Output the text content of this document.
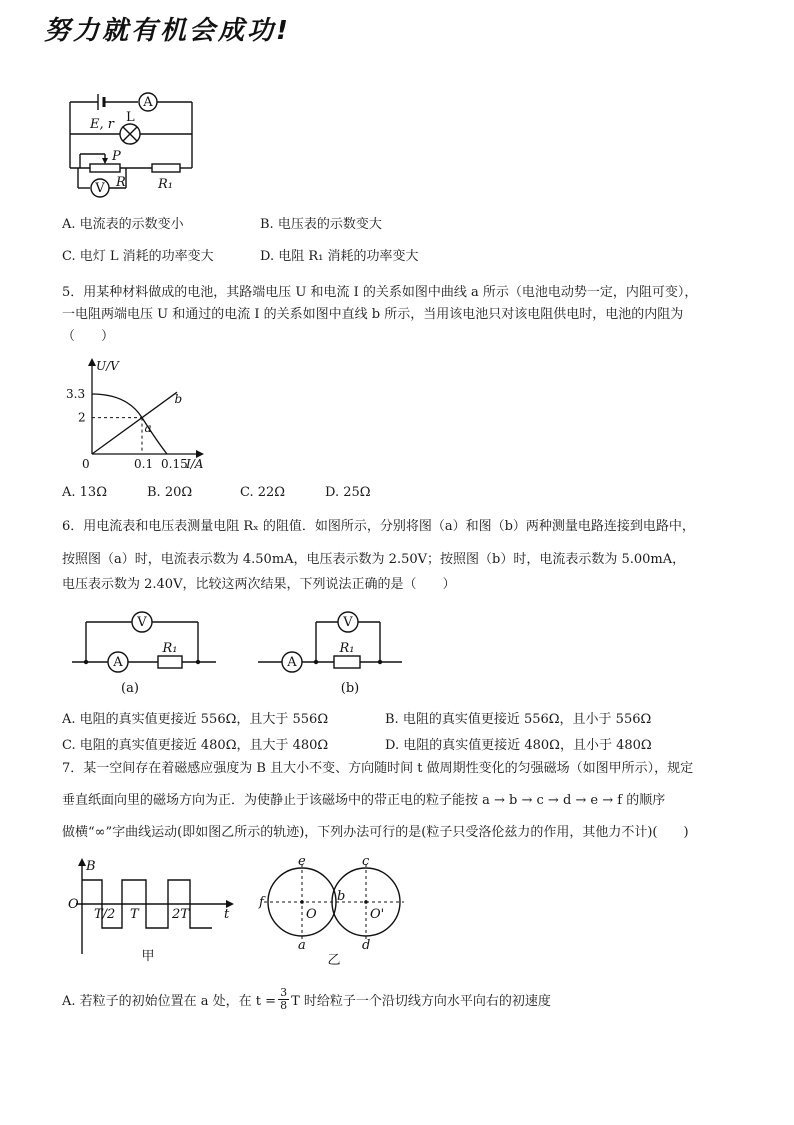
努力就有机会成功!
A
E, r L
P
V R R₁
A. 电流表的示数变小	B. 电压表的示数变大
C. 电灯 L 消耗的功率变大	D. 电阻 R₁ 消耗的功率变大
5．用某种材料做成的电池，其路端电压 U 和电流 I 的关系如图中曲线 a 所示（电池电动势一定，内阻可变），
一电阻两端电压 U 和通过的电流 I 的关系如图中直线 b 所示，当用该电池只对该电阻供电时，电池的内阻为
（　　）
U/V
I/A
0
3.3
2
0.1 0.15
a
b
A. 13Ω	B. 20Ω	C. 22Ω	D. 25Ω
6．用电流表和电压表测量电阻 Rₓ 的阻值．如图所示，分别将图（a）和图（b）两种测量电路连接到电路中，
按照图（a）时，电流表示数为 4.50mA，电压表示数为 2.50V；按照图（b）时，电流表示数为 5.00mA，
电压表示数为 2.40V，比较这两次结果，下列说法正确的是（　　）
V
A
R₁
(a)
V
A
R₁
(b)
A. 电阻的真实值更接近 556Ω，且大于 556Ω	B. 电阻的真实值更接近 556Ω，且小于 556Ω
C. 电阻的真实值更接近 480Ω，且大于 480Ω	D. 电阻的真实值更接近 480Ω，且小于 480Ω
7．某一空间存在着磁感应强度为 B 且大小不变、方向随时间 t 做周期性变化的匀强磁场（如图甲所示），规定
垂直纸面向里的磁场方向为正．为使静止于该磁场中的带正电的粒子能按 a → b → c → d → e → f 的顺序
做横“∞”字曲线运动(即如图乙所示的轨迹)，下列办法可行的是(粒子只受洛伦兹力的作用，其他力不计)(　　)
B
t
O
T/2 T	2T
甲
e	c
f	b
a	d
O	O'
乙
A. 若粒子的初始位置在 a 处，在 $t = \frac{3}{8}$ T 时给粒子一个沿切线方向水平向右的初速度
